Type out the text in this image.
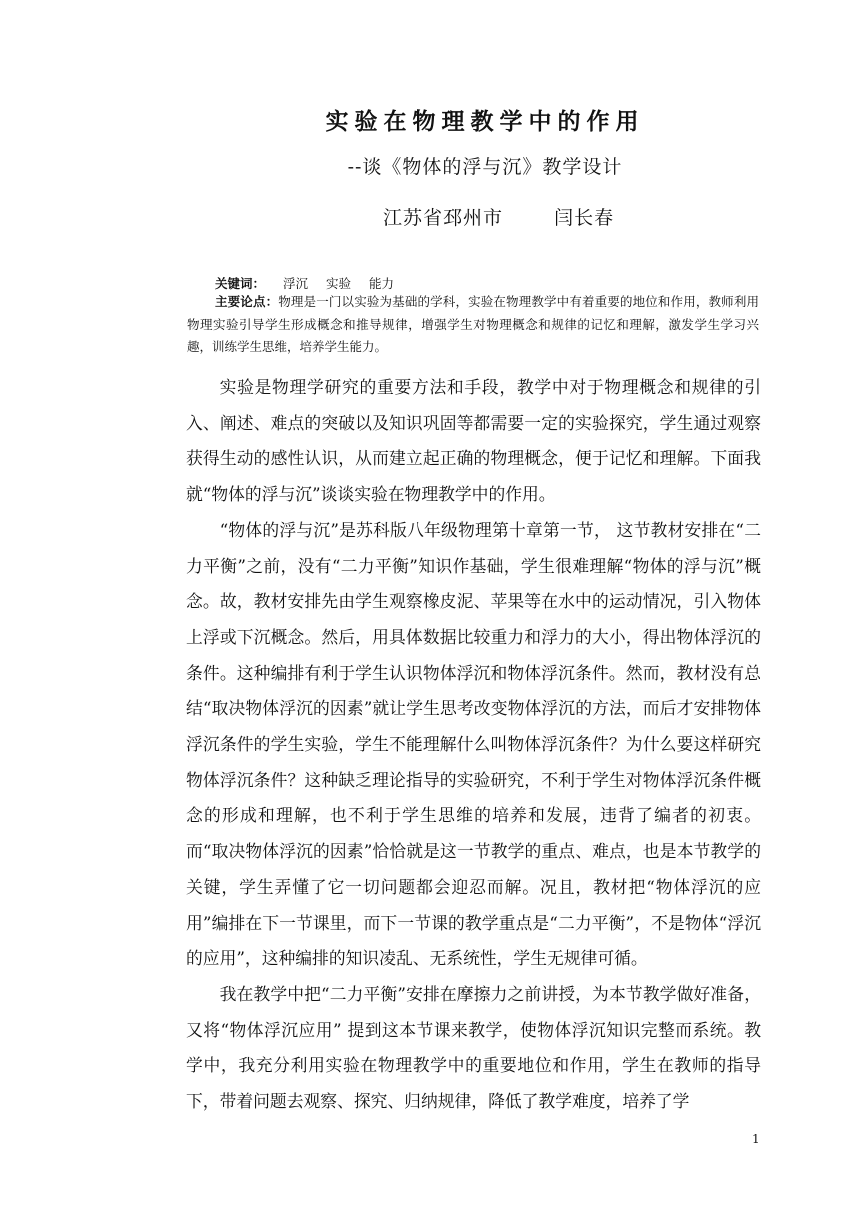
实验在物理教学中的作用
--谈《物体的浮与沉》教学设计
江苏省邳州市	闫长春
关键词： 浮沉 实验 能力
主要论点：物理是一门以实验为基础的学科，实验在物理教学中有着重要的地位和作用，教师利用物理实验引导学生形成概念和推导规律，增强学生对物理概念和规律的记忆和理解，激发学生学习兴趣，训练学生思维，培养学生能力。

实验是物理学研究的重要方法和手段，教学中对于物理概念和规律的引入、阐述、难点的突破以及知识巩固等都需要一定的实验探究，学生通过观察获得生动的感性认识，从而建立起正确的物理概念，便于记忆和理解。下面我就“物体的浮与沉”谈谈实验在物理教学中的作用。

“物体的浮与沉”是苏科版八年级物理第十章第一节， 这节教材安排在“二力平衡”之前，没有“二力平衡”知识作基础，学生很难理解“物体的浮与沉”概念。故，教材安排先由学生观察橡皮泥、苹果等在水中的运动情况，引入物体上浮或下沉概念。然后，用具体数据比较重力和浮力的大小，得出物体浮沉的条件。这种编排有利于学生认识物体浮沉和物体浮沉条件。然而，教材没有总结“取决物体浮沉的因素”就让学生思考改变物体浮沉的方法，而后才安排物体浮沉条件的学生实验，学生不能理解什么叫物体浮沉条件？为什么要这样研究物体浮沉条件？这种缺乏理论指导的实验研究，不利于学生对物体浮沉条件概念的形成和理解，也不利于学生思维的培养和发展，违背了编者的初衷。而“取决物体浮沉的因素”恰恰就是这一节教学的重点、难点，也是本节教学的关键，学生弄懂了它一切问题都会迎忍而解。况且，教材把“物体浮沉的应用”编排在下一节课里，而下一节课的教学重点是“二力平衡”，不是物体“浮沉的应用”，这种编排的知识凌乱、无系统性，学生无规律可循。

我在教学中把“二力平衡”安排在摩擦力之前讲授，为本节教学做好准备，又将“物体浮沉应用” 提到这本节课来教学，使物体浮沉知识完整而系统。教学中，我充分利用实验在物理教学中的重要地位和作用，学生在教师的指导下，带着问题去观察、探究、归纳规律，降低了教学难度，培养了学

1
